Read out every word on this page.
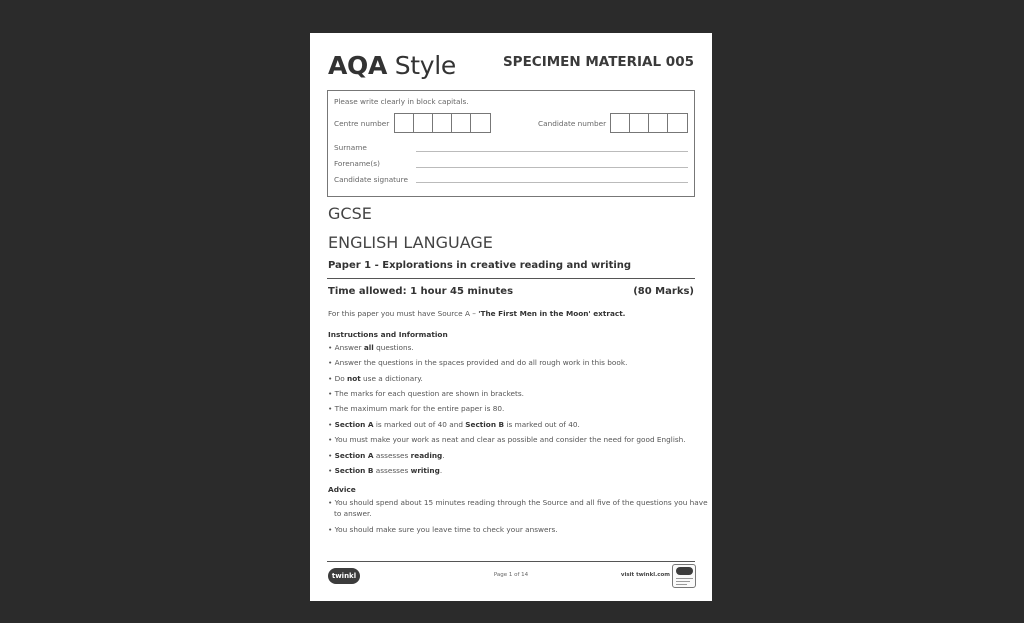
AQA Style	SPECIMEN MATERIAL 005
Please write clearly in block capitals.
Centre number	Candidate number
Surname
Forename(s)
Candidate signature
GCSE
ENGLISH LANGUAGE
Paper 1 - Explorations in creative reading and writing
Time allowed: 1 hour 45 minutes	(80 Marks)
For this paper you must have Source A – 'The First Men in the Moon' extract.
Instructions and Information
• Answer all questions.
• Answer the questions in the spaces provided and do all rough work in this book.
• Do not use a dictionary.
• The marks for each question are shown in brackets.
• The maximum mark for the entire paper is 80.
• Section A is marked out of 40 and Section B is marked out of 40.
• You must make your work as neat and clear as possible and consider the need for good English.
• Section A assesses reading.
• Section B assesses writing.
Advice
• You should spend about 15 minutes reading through the Source and all five of the questions you have
to answer.
• You should make sure you leave time to check your answers.
twinkl	Page 1 of 14	visit twinkl.com
